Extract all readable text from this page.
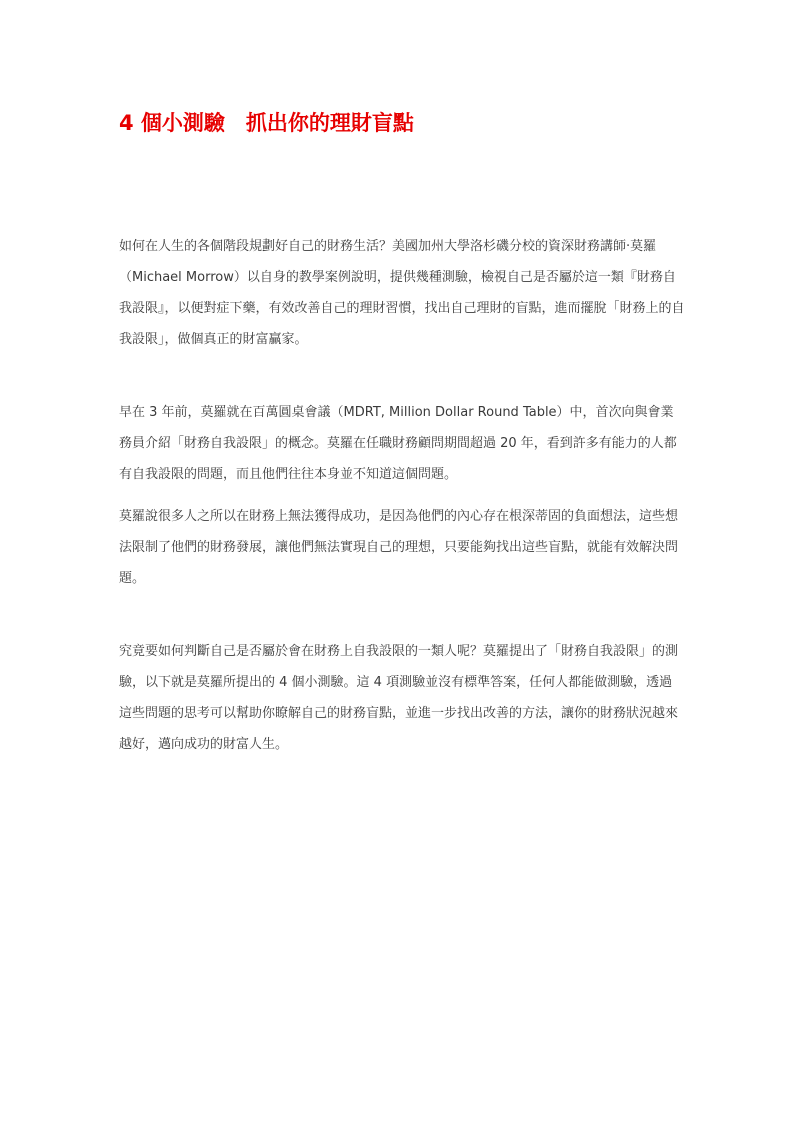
4 個小測驗　抓出你的理財盲點

如何在人生的各個階段規劃好自己的財務生活？美國加州大學洛杉磯分校的資深財務講師‧莫羅（Michael Morrow）以自身的教學案例說明，提供幾種測驗，檢視自己是否屬於這一類『財務自我設限』，以便對症下藥，有效改善自己的理財習慣，找出自己理財的盲點，進而擺脫「財務上的自我設限」，做個真正的財富贏家。

早在 3 年前，莫羅就在百萬圓桌會議（MDRT, Million Dollar Round Table）中，首次向與會業務員介紹「財務自我設限」的概念。莫羅在任職財務顧問期間超過 20 年，看到許多有能力的人都有自我設限的問題，而且他們往往本身並不知道這個問題。

莫羅說很多人之所以在財務上無法獲得成功，是因為他們的內心存在根深蒂固的負面想法，這些想法限制了他們的財務發展，讓他們無法實現自己的理想，只要能夠找出這些盲點，就能有效解決問題。

究竟要如何判斷自己是否屬於會在財務上自我設限的一類人呢？莫羅提出了「財務自我設限」的測驗，以下就是莫羅所提出的 4 個小測驗。這 4 項測驗並沒有標準答案，任何人都能做測驗，透過這些問題的思考可以幫助你瞭解自己的財務盲點，並進一步找出改善的方法，讓你的財務狀況越來越好，邁向成功的財富人生。
